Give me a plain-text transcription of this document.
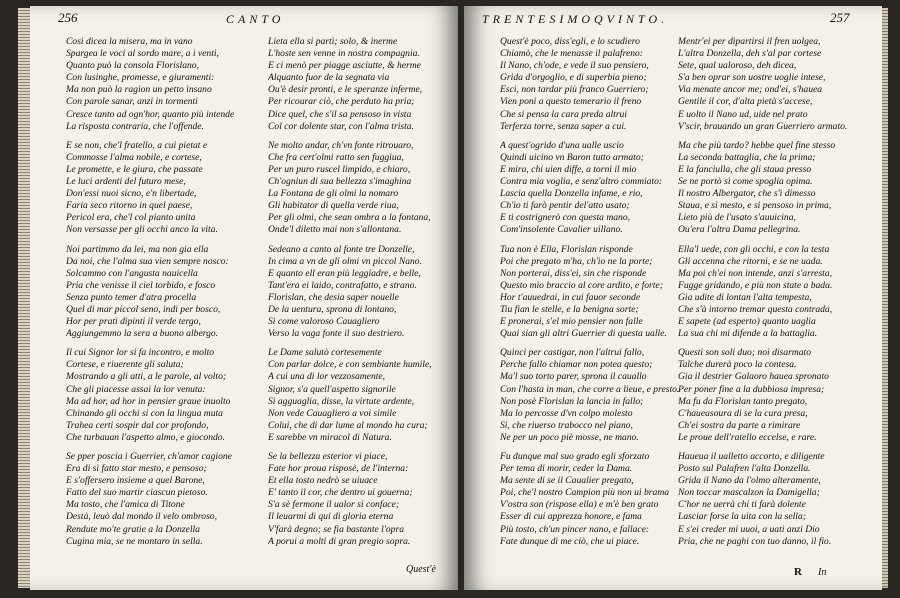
256	CANTO
Così dicea la misera, ma in vano
Spargea le voci al sordo mare, a i venti,
Quanto può la consola Florislano,
Con lusinghe, promesse, e giuramenti:
Ma non può la ragion un petto insano
Con parole sanar, anzi in tormenti
Cresce tanto ad ogn'hor, quanto più intende
La risposta contraria, che l'offende.
E se non, che'l fratello, a cui pietat e
Commosse l'alma nobile, e cortese,
Le promette, e le giura, che passate
Le luci ardenti del futuro mese,
Don'essi nuoi sicno, e'n libertade,
Faria seco ritorno in quel paese,
Pericol era, che'l col pianto unita
Non versasse per gli occhi anco la vita.
Noi partimmo da lei, ma non gia ella
Da noi, che l'alma sua vien sempre nosco:
Solcammo con l'angusta nauicella
Pria che venisse il ciel torbido, e fosco
Senza punto temer d'atra procella
Quel di mar piccol seno, indi per bosco,
Hor per prati dipinti il verde tergo,
Aggiungemmo la sera a buono albergo.
Il cui Signor lor si fa incontro, e molto
Cortese, e riuerente gli saluta;
Mostrando a gli atti, a le parole, al volto;
Che gli piacesse assai la lor venuta:
Ma ad hor, ad hor in pensier graue inuolto
Chinando gli occhi si con la lingua muta
Trahea certi sospir dal cor profondo,
Che turbauan l'aspetto almo, e giocondo.
Se pper poscia i Guerrier, ch'amor cagione
Era di sì fatto star mesto, e pensoso;
E s'offersero insieme a quel Barone,
Fatto del suo martir ciascun pietoso.
Ma tosto, che l'amica di Titone
Destà, leuò dal mondo il velo ombroso,
Rendute mo'te gratie a la Donzella
Cugina mia, se ne montaro in sella.
Lieta ella si partì; solo, & inerme
L'hoste sen venne in nostra compagnia.
E ci menò per piagge asciutte, & herme
Alquanto fuor de la segnata via
Ou'è desir pronti, e le speranze inferme,
Per ricourar ciò, che perduto ha pria;
Dice quel, che s'il sa pensoso in vista
Col cor dolente star, con l'alma trista.
Ne molto andar, ch'vn fonte ritrouaro,
Che fra cert'olmi ratto sen fuggiua,
Per un puro ruscel limpido, e chiaro,
Ch'ogniun di sua bellezza s'imaghina
La Fontana de gli olmi la nomaro
Gli habitator di quella verde riua,
Per gli olmi, che sean ombra a la fontana,
Onde'l diletto mai non s'allontana.
Sedeano a canto al fonte tre Donzelle,
In cima a vn de gli olmi vn piccol Nano.
E quanto ell eran più leggiadre, e belle,
Tant'era ei laido, contrafatto, e strano.
Florislan, che desia saper nouelle
De la uentura, sprona di lontano,
Si come valoroso Cauagliero
Verso la vaga fonte il suo destriero.
Le Dame salutò cortesemente
Con parlar dolce, e con sembiante humile,
A cui una di lor vezzosamente,
Signor, s'a quell'aspetto signorile
Si agguaglia, disse, la virtute ardente,
Non vede Cauagliero a voi simile
Colui, che di dar lume al mondo ha cura;
E sarebbe vn miracol di Natura.
Se la bellezza esterior vi piace,
Fate hor proua risposè, de l'interna:
Et ella tosto nedrò se uiuace
E' tanto il cor, che dentro ui gouerna;
S'a sè fermone il ualor si conface;
Il leuarmi di qui di gloria eterna
V'farà degno; se fia bastante l'opra
A porui a molti di gran pregio sopra.
Quest'è
TRENTESIMOQVINTO.	257
Quest'è poco, diss'egli, e lo scudiero
Chiamò, che le menasse il palafreno:
Il Nano, ch'ode, e vede il suo pensiero,
Grida d'orgoglio, e di superbia pieno;
Esci, non tardar più franco Guerriero;
Vien poni a questo temerario il freno
Che si pensa la cara preda altrui
Terferza torre, senza saper a cui.
A quest'ogrido d'una ualle uscio
Quindi uicino vn Baron tutto armato;
E mira, chi uien diffe, a torni il mio
Contra mia voglia, e senz'altro commiato:
Lascia quella Donzella infame, e rio,
Ch'io ti farò pentir del'atto usato;
E ti costrignerò con questa mano,
Com'insolente Cavalier uillano.
Tua non è Ella, Florislan risponde
Poi che pregato m'ha, ch'io ne la porte;
Non porterai, diss'ei, sin che risponde
Questo mio braccio al core ardito, e forte;
Hor t'auuedrai, in cui fauor seconde
Tiu fian le stelle, e la benigna sorte;
E pronerai, s'el mio pensier non falle
Quai sian gli altri Guerrier di questa ualle.
Quinci per castigar, non l'altrui fallo,
Perche fallo chiamar non potea questo;
Ma'l suo torto parer, sprona il cauallo
Con l'hasta in man, che corre a lieue, e presto.
Non posè Florislan la lancia in fallo;
Ma lo percosse d'vn colpo molesto
Si, che riuerso trabocco nel piano,
Ne per un poco piè mosse, ne mano.
Fu dunque mal suo grado egli sforzato
Per tema di morir, ceder la Dama.
Ma sente di se il Caualier pregato,
Poi, che'l nostro Campion più non ui brama
V'ostra son (rispose ella) e m'è ben grato
Esser di cui apprezza honore, e fama
Più tosto, ch'un pincer nano, e fallace:
Fate dunque di me ciò, che ui piace.
Mentr'ei per dipartirsi il fren uolgea,
L'altra Donzella, deh s'al par cortese
Sete, qual ualoroso, deh dicea,
S'a ben oprar son uostre uoglie intese,
Via menate ancor me; ond'ei, s'hauea
Gentile il cor, d'alta pietà s'accese,
E uolto il Nano ud, uide nel prato
V'scir, brauando un gran Guerriero armato.
Ma che più tardo? hebbe quel fine stesso
La seconda battaglia, che la prima;
E la fanciulla, che gli staua presso
Se ne portò sì come spoglia opima.
Il nostro Albergator, che s'ì dimesso
Staua, e si mesto, e si pensoso in prima,
Lieto più de l'usato s'auuicina,
Ou'era l'altra Dama pellegrina.
Ella'l uede, con gli occhi, e con la testa
Gli accenna che ritorni, e se ne uada.
Ma poi ch'ei non intende, anzi s'arresta,
Fugge gridando, e più non state a bada.
Gia udite di lontan l'alta tempesta,
Che s'à intorno tremar questa contrada,
E sapete (ad esperto) quanto uaglia
La sua chi mi difende a la battaglia.
Questi son soli duo; noi disarmato
Talche durerà poco la contesa.
Gia il destrier Galaoro hauea spronato
Per poner fine a la dubbiosa impresa;
Ma fu da Florislan tanto pregato,
C'haueasoura di se la cura presa,
Ch'ei sostra da parte a rimirare
Le proue dell'ratello eccelse, e rare.
Haueua il ualletto accorto, e diligente
Posto sul Palafren l'alta Donzella.
Grida il Nano da l'olmo alteramente,
Non toccar mascalzon la Damigella;
C'hor ne uerrà chi ti farà dolente
Lasciar forse la uita con la sella;
E s'ei creder mi uuoi, a uati anzi Dio
Pria, che ne paghi con tuo danno, il fio.
R In
